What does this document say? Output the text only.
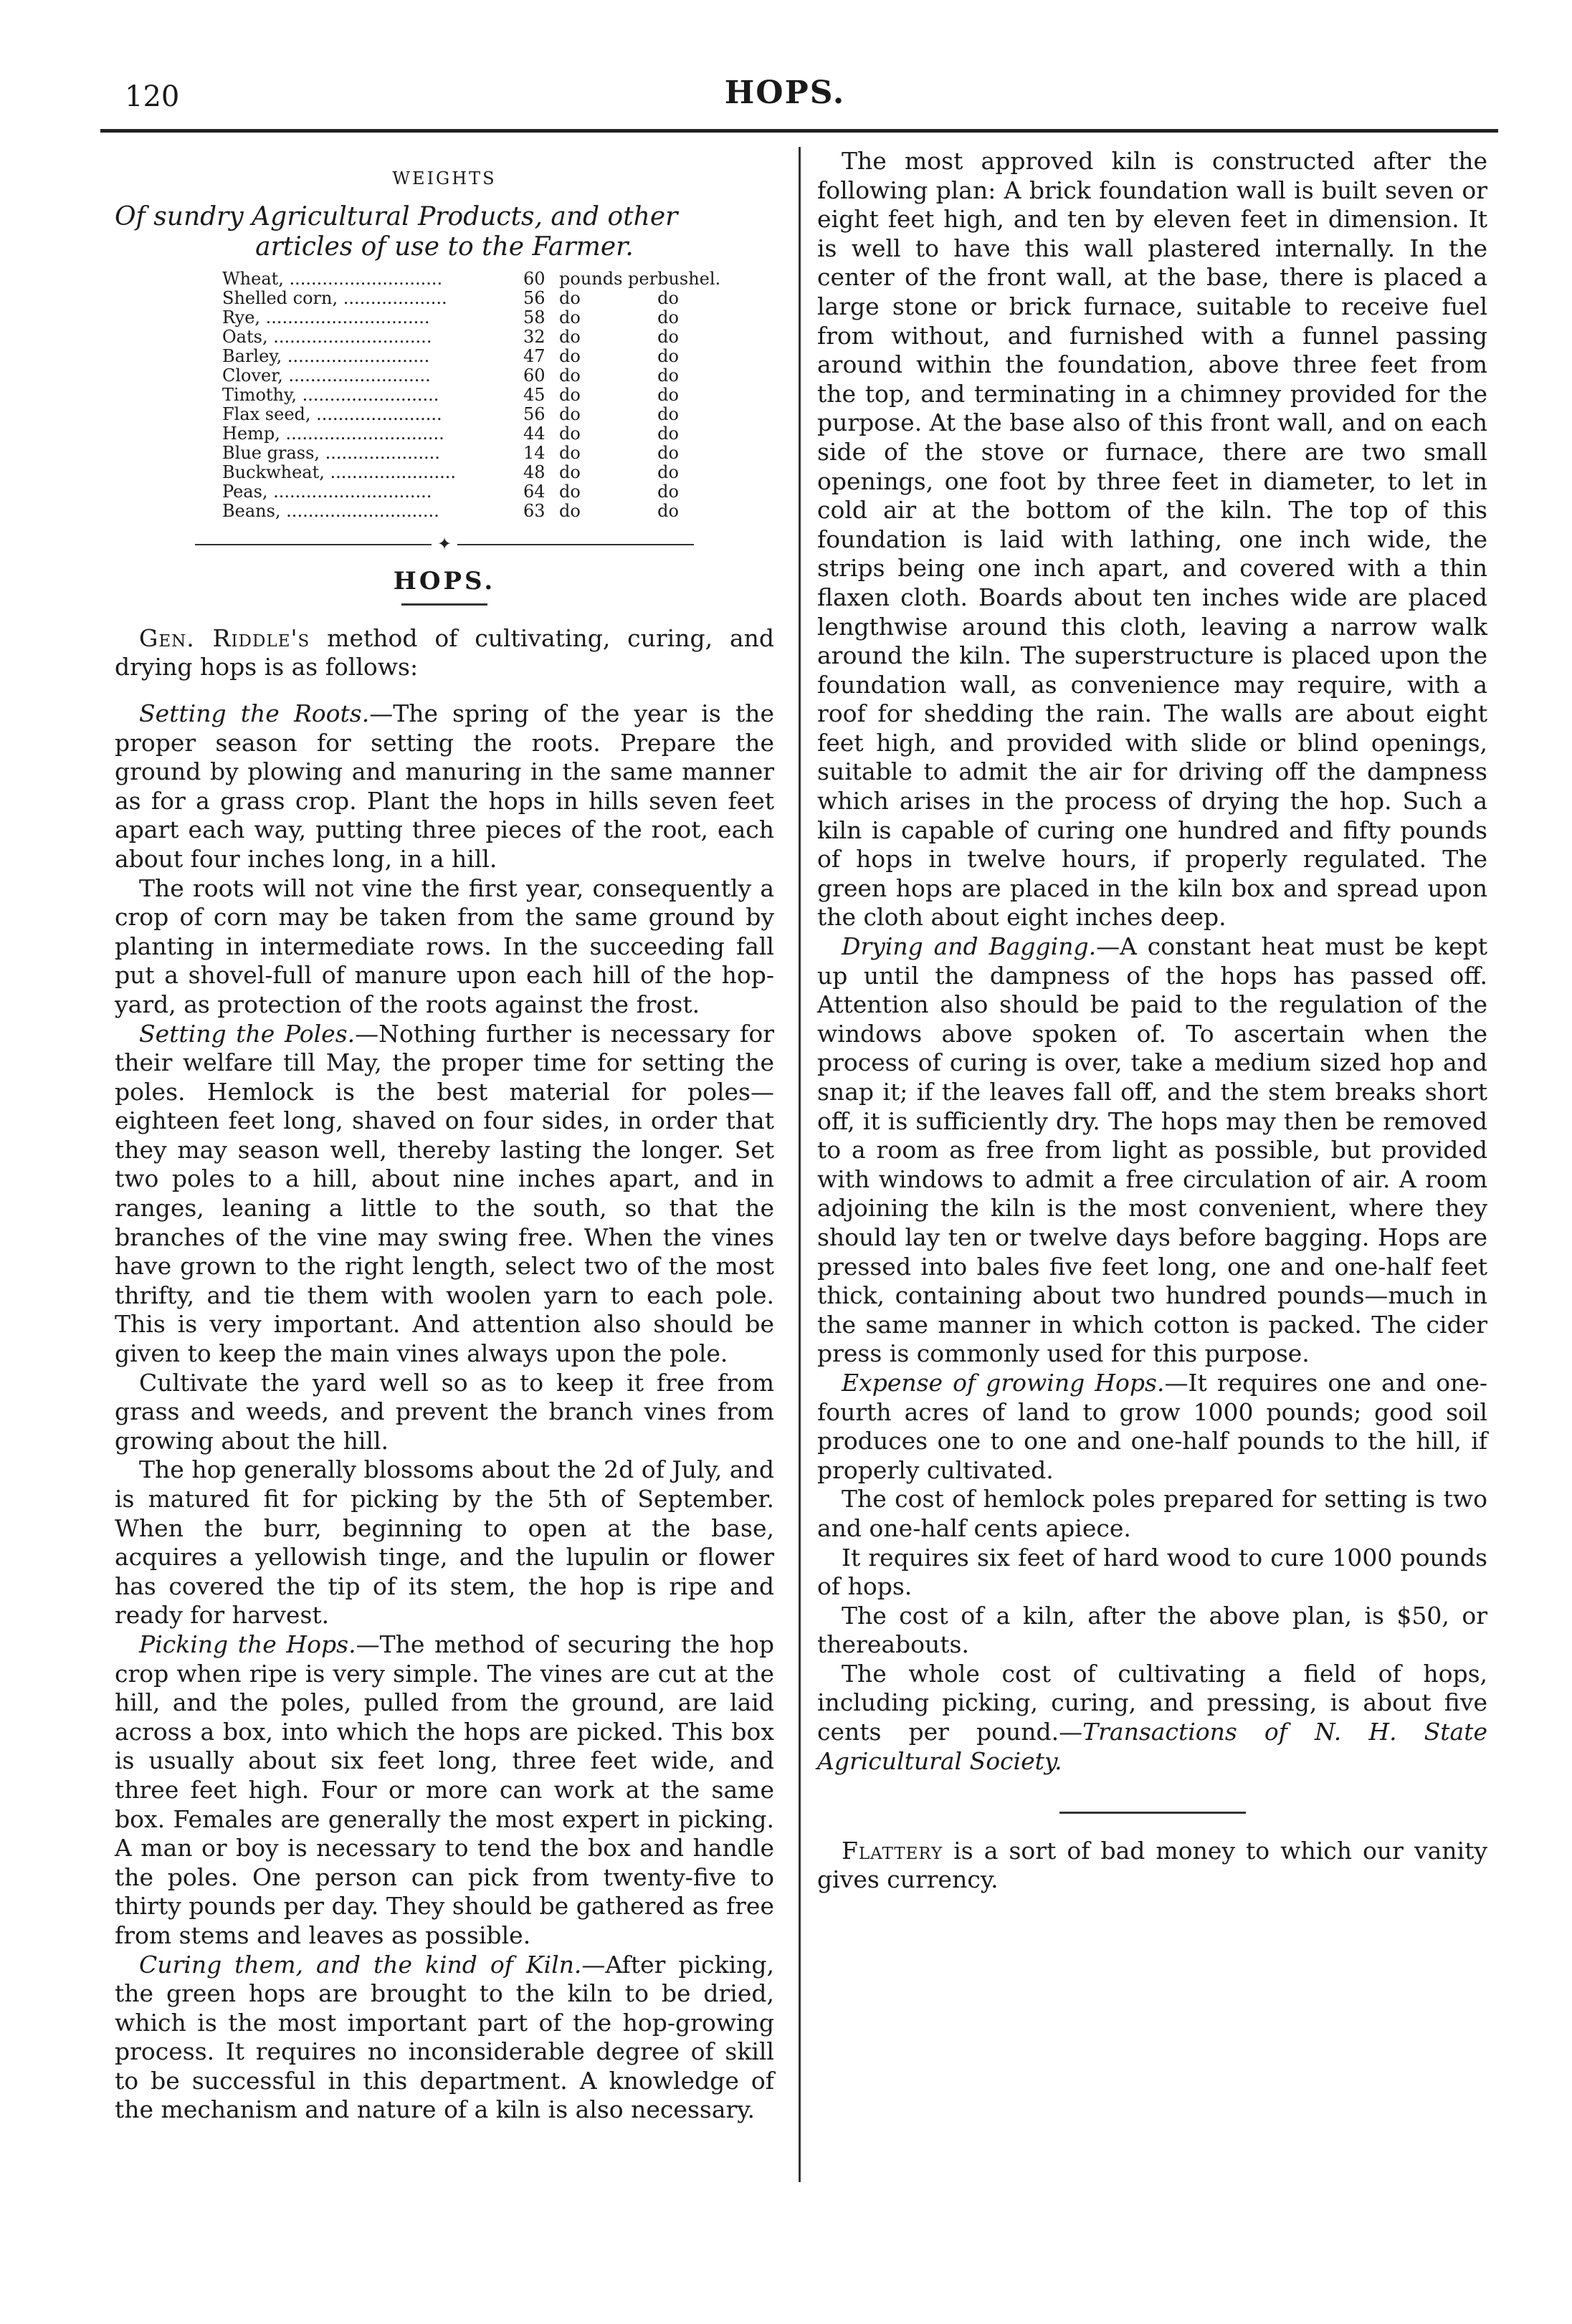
120	HOPS.
WEIGHTS
Of sundry Agricultural Products, and other
articles of use to the Farmer.
Wheat, ............................	60	pounds per	bushel.
Shelled corn, ...................	56	do	do
Rye, ..............................	58	do	do
Oats, .............................	32	do	do
Barley, ..........................	47	do	do
Clover, ..........................	60	do	do
Timothy, .........................	45	do	do
Flax seed, .......................	56	do	do
Hemp, .............................	44	do	do
Blue grass, .....................	14	do	do
Buckwheat, .......................	48	do	do
Peas, .............................	64	do	do
Beans, ............................	63	do	do
✦
HOPS.

Gen. Riddle's method of cultivating, curing, and drying hops is as follows:

Setting the Roots.—The spring of the year is the proper season for setting the roots. Prepare the ground by plowing and manuring in the same manner as for a grass crop. Plant the hops in hills seven feet apart each way, putting three pieces of the root, each about four inches long, in a hill.

The roots will not vine the first year, consequently a crop of corn may be taken from the same ground by planting in intermediate rows. In the succeeding fall put a shovel-full of manure upon each hill of the hop-yard, as protection of the roots against the frost.

Setting the Poles.—Nothing further is necessary for their welfare till May, the proper time for setting the poles. Hemlock is the best material for poles—eighteen feet long, shaved on four sides, in order that they may season well, thereby lasting the longer. Set two poles to a hill, about nine inches apart, and in ranges, leaning a little to the south, so that the branches of the vine may swing free. When the vines have grown to the right length, select two of the most thrifty, and tie them with woolen yarn to each pole. This is very important. And attention also should be given to keep the main vines always upon the pole.

Cultivate the yard well so as to keep it free from grass and weeds, and prevent the branch vines from growing about the hill.

The hop generally blossoms about the 2d of July, and is matured fit for picking by the 5th of September. When the burr, beginning to open at the base, acquires a yellowish tinge, and the lupulin or flower has covered the tip of its stem, the hop is ripe and ready for harvest.

Picking the Hops.—The method of securing the hop crop when ripe is very simple. The vines are cut at the hill, and the poles, pulled from the ground, are laid across a box, into which the hops are picked. This box is usually about six feet long, three feet wide, and three feet high. Four or more can work at the same box. Females are generally the most expert in picking. A man or boy is necessary to tend the box and handle the poles. One person can pick from twenty-five to thirty pounds per day. They should be gathered as free from stems and leaves as possible.

Curing them, and the kind of Kiln.—After picking, the green hops are brought to the kiln to be dried, which is the most important part of the hop-growing process. It requires no inconsiderable degree of skill to be successful in this department. A knowledge of the mechanism and nature of a kiln is also necessary.

The most approved kiln is constructed after the following plan: A brick foundation wall is built seven or eight feet high, and ten by eleven feet in dimension. It is well to have this wall plastered internally. In the center of the front wall, at the base, there is placed a large stone or brick furnace, suitable to receive fuel from without, and furnished with a funnel passing around within the foundation, above three feet from the top, and terminating in a chimney provided for the purpose. At the base also of this front wall, and on each side of the stove or furnace, there are two small openings, one foot by three feet in diameter, to let in cold air at the bottom of the kiln. The top of this foundation is laid with lathing, one inch wide, the strips being one inch apart, and covered with a thin flaxen cloth. Boards about ten inches wide are placed lengthwise around this cloth, leaving a narrow walk around the kiln. The superstructure is placed upon the foundation wall, as convenience may require, with a roof for shedding the rain. The walls are about eight feet high, and provided with slide or blind openings, suitable to admit the air for driving off the dampness which arises in the process of drying the hop. Such a kiln is capable of curing one hundred and fifty pounds of hops in twelve hours, if properly regulated. The green hops are placed in the kiln box and spread upon the cloth about eight inches deep.

Drying and Bagging.—A constant heat must be kept up until the dampness of the hops has passed off. Attention also should be paid to the regulation of the windows above spoken of. To ascertain when the process of curing is over, take a medium sized hop and snap it; if the leaves fall off, and the stem breaks short off, it is sufficiently dry. The hops may then be removed to a room as free from light as possible, but provided with windows to admit a free circulation of air. A room adjoining the kiln is the most convenient, where they should lay ten or twelve days before bagging. Hops are pressed into bales five feet long, one and one-half feet thick, containing about two hundred pounds—much in the same manner in which cotton is packed. The cider press is commonly used for this purpose.

Expense of growing Hops.—It requires one and one-fourth acres of land to grow 1000 pounds; good soil produces one to one and one-half pounds to the hill, if properly cultivated.

The cost of hemlock poles prepared for setting is two and one-half cents apiece.

It requires six feet of hard wood to cure 1000 pounds of hops.

The cost of a kiln, after the above plan, is $50, or thereabouts.

The whole cost of cultivating a field of hops, including picking, curing, and pressing, is about five cents per pound.—Transactions of N. H. State Agricultural Society.

Flattery is a sort of bad money to which our vanity gives currency.
